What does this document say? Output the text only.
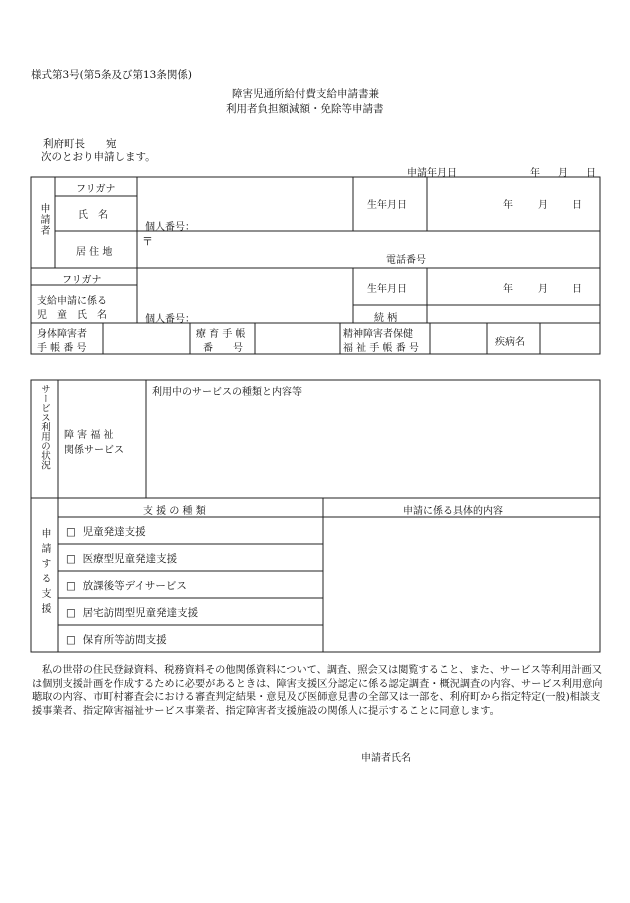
様式第3号(第5条及び第13条関係)
障害児通所給付費支給申請書兼
利用者負担額減額・免除等申請書
利府町長　　宛
次のとおり申請します。
申請年月日	年 月 日
申請者
フリガナ
氏　名
個人番号：
生年月日	年	月 日
居 住 地
〒
電話番号
フリガナ
支給申請に係る
児　童　氏　名	個人番号：
生年月日	年	月 日
続 柄
身体障害者
手 帳 番 号
療 育 手 帳
番　　号
精神障害者保健
福 祉 手 帳 番 号
疾病名
サービス利用の状況 障 害 福 祉
関係サービス
利用中のサービスの種類と内容等
申請する支援
支 援 の 種 類	申請に係る具体的内容
□ 児童発達支援
□ 医療型児童発達支援
□ 放課後等デイサービス
□ 居宅訪問型児童発達支援
□ 保育所等訪問支援
私の世帯の住民登録資料、税務資料その他関係資料について、調査、照会又は閲覧すること、また、サービス等利用計画又は個別支援計画を作成するために必要があるときは、障害支援区分認定に係る認定調査・概況調査の内容、サービス利用意向聴取の内容、市町村審査会における審査判定結果・意見及び医師意見書の全部又は一部を、利府町から指定特定(一般)相談支援事業者、指定障害福祉サービス事業者、指定障害者支援施設の関係人に提示することに同意します。
申請者氏名
